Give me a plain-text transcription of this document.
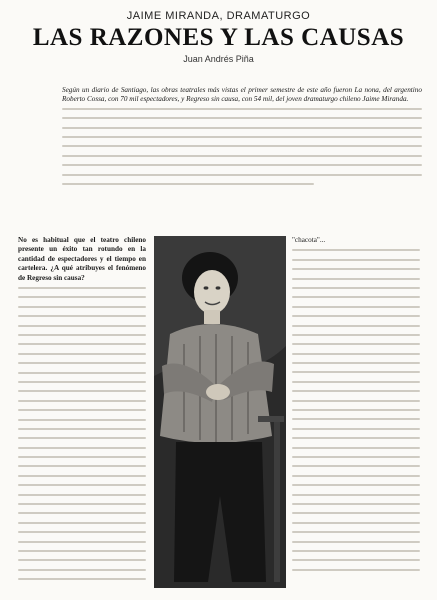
JAIME MIRANDA, DRAMATURGO
LAS RAZONES Y LAS CAUSAS
Juan Andrés Piña

Según un diario de Santiago, las obras teatrales más vistas el primer semestre de este año fueron La nona, del argentino Roberto Cossa, con 70 mil espectadores, y Regreso sin causa, con 54 mil, del joven dramaturgo chileno Jaime Miranda.

No es habitual que el teatro chileno presente un éxito tan rotundo en la cantidad de espectadores y el tiempo en cartelera. ¿A qué atribuyes el fenómeno de Regreso sin causa?

"chacota"...
